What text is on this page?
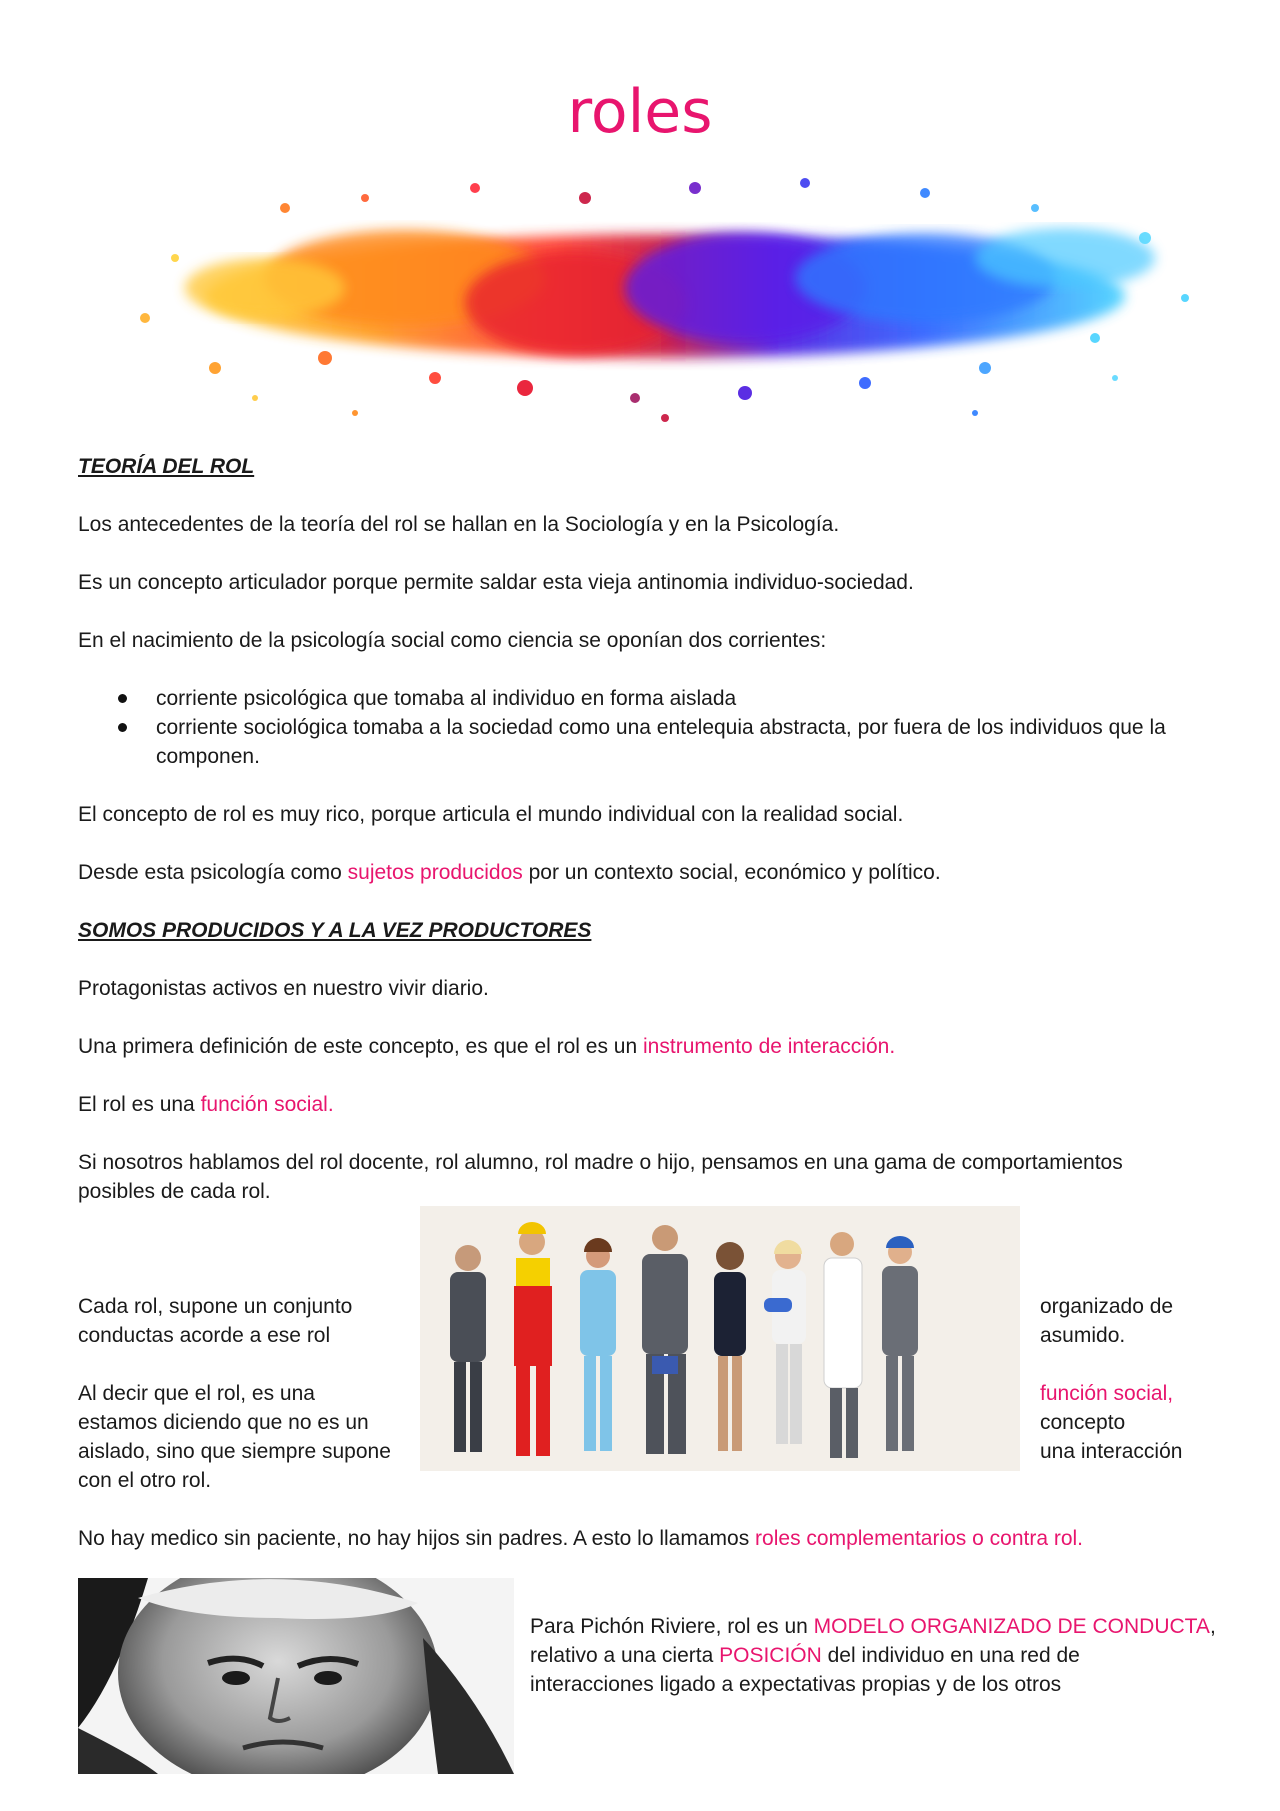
roles
TEORÍA DEL ROL
Los antecedentes de la teoría del rol se hallan en la Sociología y en la Psicología.
Es un concepto articulador porque permite saldar esta vieja antinomia individuo-sociedad.
En el nacimiento de la psicología social como ciencia se oponían dos corrientes:
corriente psicológica que tomaba al individuo en forma aislada
corriente sociológica tomaba a la sociedad como una entelequia abstracta, por fuera de los individuos que la
componen.
El concepto de rol es muy rico, porque articula el mundo individual con la realidad social.
Desde esta psicología como sujetos producidos por un contexto social, económico y político.
SOMOS PRODUCIDOS Y A LA VEZ PRODUCTORES
Protagonistas activos en nuestro vivir diario.
Una primera definición de este concepto, es que el rol es un instrumento de interacción.
El rol es una función social.
Si nosotros hablamos del rol docente, rol alumno, rol madre o hijo, pensamos en una gama de comportamientos
posibles de cada rol.
Cada rol, supone un conjunto
conductas acorde a ese rol
Al decir que el rol, es una
estamos diciendo que no es un
aislado, sino que siempre supone
con el otro rol.
organizado de
asumido.
función social,
concepto
una interacción
No hay medico sin paciente, no hay hijos sin padres. A esto lo llamamos roles complementarios o contra rol.
Para Pichón Riviere, rol es un MODELO ORGANIZADO DE CONDUCTA,
relativo a una cierta POSICIÓN del individuo en una red de
interacciones ligado a expectativas propias y de los otros
